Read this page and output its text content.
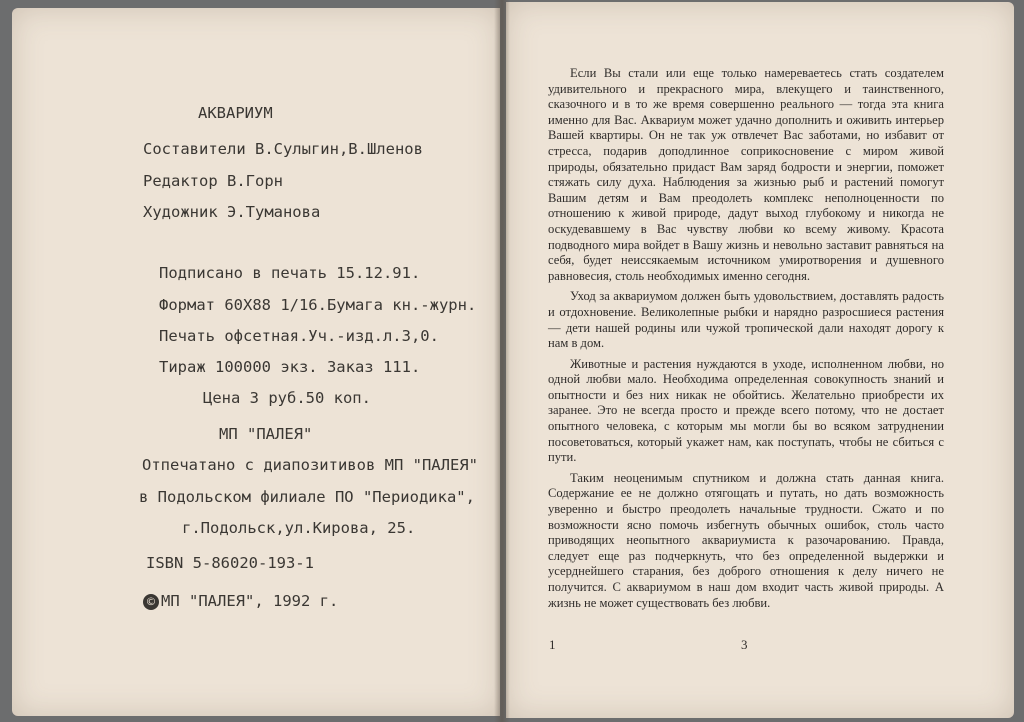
АКВАРИУМ
Составители В.Сулыгин,В.Шленов
Редактор В.Горн
Художник Э.Туманова
Подписано в печать 15.12.91.
Формат 60Х88 1/16.Бумага кн.-журн.
Печать офсетная.Уч.-изд.л.3,0.
Тираж 100000 экз. Заказ 111.
Цена 3 руб.50 коп.
МП "ПАЛЕЯ"
Отпечатано с диапозитивов МП "ПАЛЕЯ"
в Подольском филиале ПО "Периодика",
г.Подольск,ул.Кирова, 25.
ISBN 5-86020-193-1
© МП "ПАЛЕЯ", 1992 г.

Если Вы стали или еще только намереваетесь стать создателем удивительного и прекрасного мира, влекущего и таинственного, сказочного и в то же время совершенно реального — тогда эта книга именно для Вас. Аквариум может удачно дополнить и оживить интерьер Вашей квартиры. Он не так уж отвлечет Вас заботами, но избавит от стресса, подарив доподлинное соприкосновение с миром живой природы, обязательно придаст Вам заряд бодрости и энергии, поможет стяжать силу духа. Наблюдения за жизнью рыб и растений помогут Вашим детям и Вам преодолеть комплекс неполноценности по отношению к живой природе, дадут выход глубокому и никогда не оскудевавшему в Вас чувству любви ко всему живому. Красота подводного мира войдет в Вашу жизнь и невольно заставит равняться на себя, будет неиссякаемым источником умиротворения и душевного равновесия, столь необходимых именно сегодня.

Уход за аквариумом должен быть удовольствием, доставлять радость и отдохновение. Великолепные рыбки и нарядно разросшиеся растения — дети нашей родины или чужой тропической дали находят дорогу к нам в дом.

Животные и растения нуждаются в уходе, исполненном любви, но одной любви мало. Необходима определенная совокупность знаний и опытности и без них никак не обойтись. Желательно приобрести их заранее. Это не всегда просто и прежде всего потому, что не достает опытного человека, с которым мы могли бы во всяком затруднении посоветоваться, который укажет нам, как поступать, чтобы не сбиться с пути.

Таким неоценимым спутником и должна стать данная книга. Содержание ее не должно отягощать и путать, но дать возможность уверенно и быстро преодолеть начальные трудности. Сжато и по возможности ясно помочь избегнуть обычных ошибок, столь часто приводящих неопытного аквариумиста к разочарованию. Правда, следует еще раз подчеркнуть, что без определенной выдержки и усерднейшего старания, без доброго отношения к делу ничего не получится. С аквариумом в наш дом входит часть живой природы. А жизнь не может существовать без любви.

1	3
